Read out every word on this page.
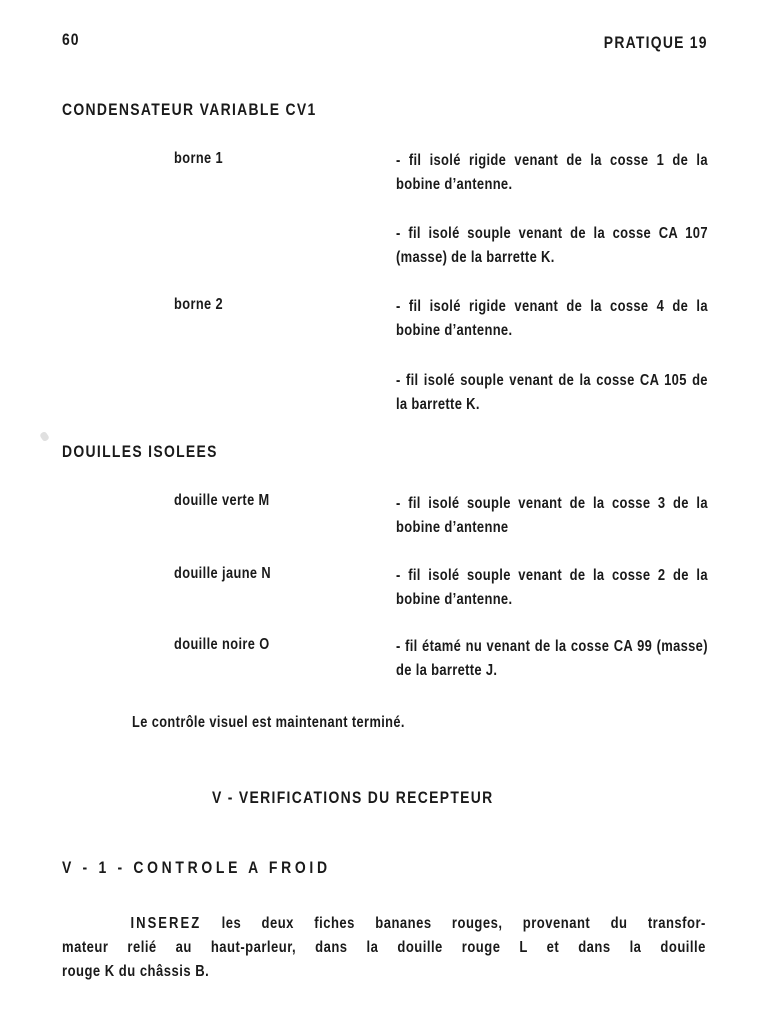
60	PRATIQUE 19
CONDENSATEUR VARIABLE CV1
borne 1	- fil isolé rigide venant de la cosse 1 de la bobine d’antenne.
- fil isolé souple venant de la cosse CA 107 (masse) de la barrette K.
borne 2	- fil isolé rigide venant de la cosse 4 de la bobine d’antenne.
- fil isolé souple venant de la cosse CA 105 de la barrette K.
DOUILLES ISOLEES
douille verte M	- fil isolé souple venant de la cosse 3 de la bobine d’antenne
douille jaune N	- fil isolé souple venant de la cosse 2 de la bobine d’antenne.
douille noire O	- fil étamé nu venant de la cosse CA 99 (masse) de la barrette J.
Le contrôle visuel est maintenant terminé.
V - VERIFICATIONS DU RECEPTEUR
V - 1 - CONTROLE A FROID
INSEREZ les deux fiches bananes rouges, provenant du transfor-
mateur relié au haut-parleur, dans la douille rouge L et dans la douille
rouge K du châssis B.
